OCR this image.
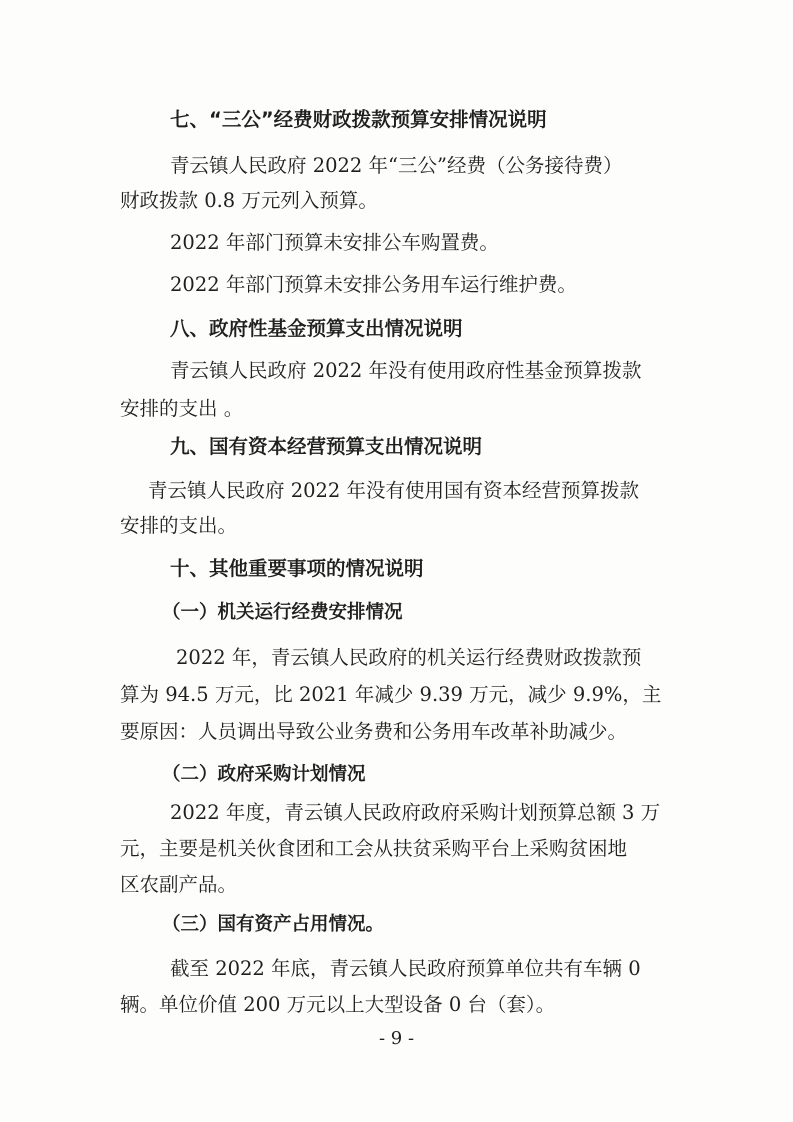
七、“三公”经费财政拨款预算安排情况说明
青云镇人民政府 2022 年“三公”经费（公务接待费）
财政拨款 0.8 万元列入预算。
2022 年部门预算未安排公车购置费。
2022 年部门预算未安排公务用车运行维护费。
八、政府性基金预算支出情况说明
青云镇人民政府 2022 年没有使用政府性基金预算拨款
安排的支出 。
九、国有资本经营预算支出情况说明
青云镇人民政府 2022 年没有使用国有资本经营预算拨款
安排的支出。
十、其他重要事项的情况说明
（一）机关运行经费安排情况
2022 年，青云镇人民政府的机关运行经费财政拨款预
算为 94.5 万元，比 2021 年减少 9.39 万元，减少 9.9%，主
要原因：人员调出导致公业务费和公务用车改革补助减少。
（二）政府采购计划情况
2022 年度，青云镇人民政府政府采购计划预算总额 3 万
元，主要是机关伙食团和工会从扶贫采购平台上采购贫困地
区农副产品。
（三）国有资产占用情况。
截至 2022 年底，青云镇人民政府预算单位共有车辆 0
辆。单位价值 200 万元以上大型设备 0 台（套）。
- 9 -
